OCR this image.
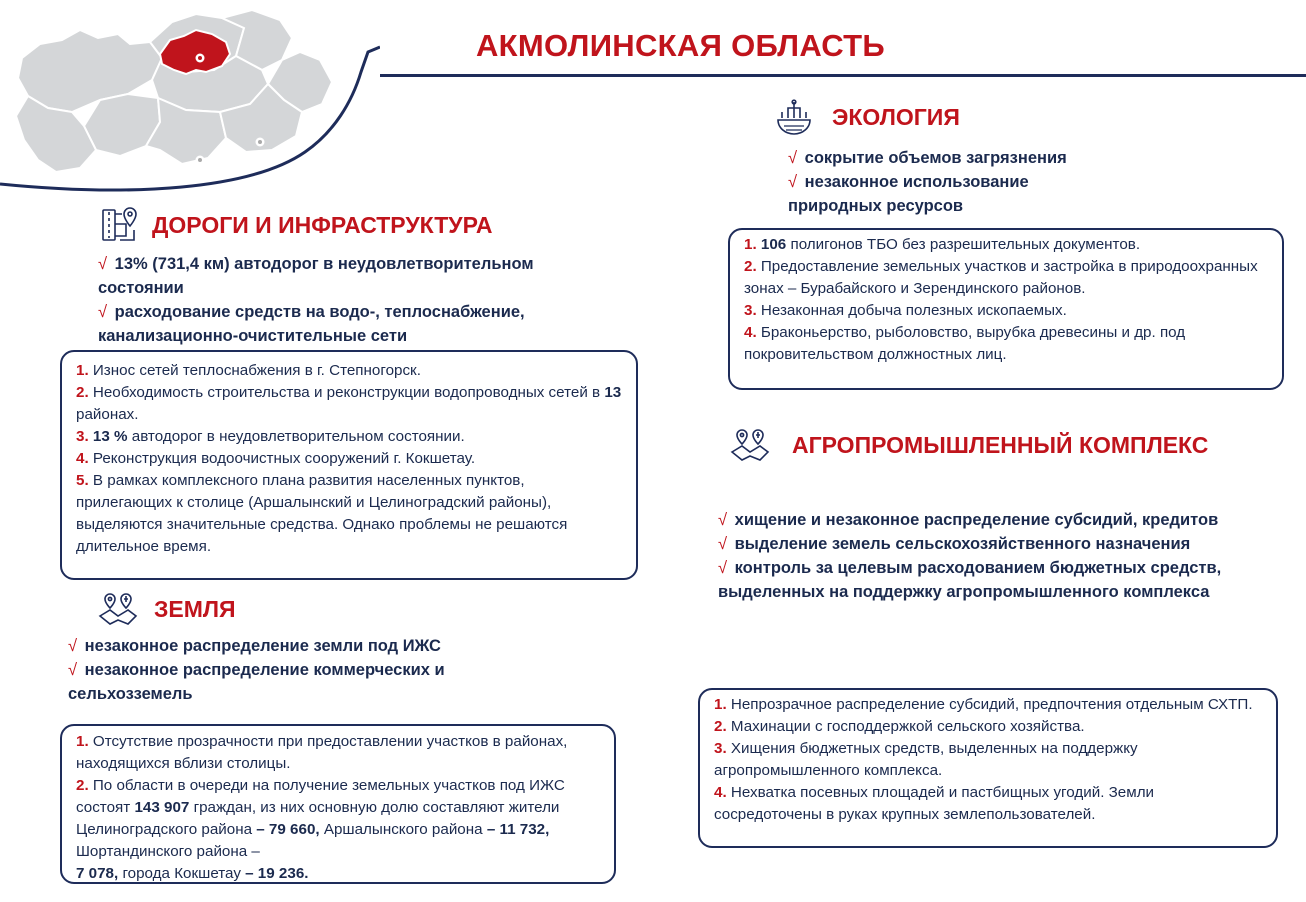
АКМОЛИНСКАЯ ОБЛАСТЬ
ДОРОГИ И ИНФРАСТРУКТУРА
√ 13% (731,4 км) автодорог в неудовлетворительном состоянии
√ расходование средств на водо-, теплоснабжение, канализационно-очистительные сети
1. Износ сетей теплоснабжения в г. Степногорск.
2. Необходимость строительства и реконструкции водопроводных сетей в 13 районах.
3. 13 % автодорог в неудовлетворительном состоянии.
4. Реконструкция водоочистных сооружений г. Кокшетау.
5. В рамках комплексного плана развития населенных пунктов, прилегающих к столице (Аршалынский и Целиноградский районы), выделяются значительные средства. Однако проблемы не решаются длительное время.
ЗЕМЛЯ
√ незаконное распределение земли под ИЖС
√ незаконное распределение коммерческих и сельхозземель
1. Отсутствие прозрачности при предоставлении участков в районах, находящихся вблизи столицы.
2. По области в очереди на получение земельных участков под ИЖС состоят 143 907 граждан, из них основную долю составляют жители Целиноградского района – 79 660, Аршалынского района – 11 732, Шортандинского района –
7 078, города Кокшетау – 19 236.
ЭКОЛОГИЯ
√ сокрытие объемов загрязнения
√ незаконное использование
природных ресурсов
1. 106 полигонов ТБО без разрешительных документов.
2. Предоставление земельных участков и застройка в природоохранных зонах – Бурабайского и Зерендинского районов.
3. Незаконная добыча полезных ископаемых.
4. Браконьерство, рыболовство, вырубка древесины и др. под покровительством должностных лиц.
АГРОПРОМЫШЛЕННЫЙ КОМПЛЕКС
√ хищение и незаконное распределение субсидий, кредитов
√ выделение земель сельскохозяйственного назначения
√ контроль за целевым расходованием бюджетных средств, выделенных на поддержку агропромышленного комплекса
1. Непрозрачное распределение субсидий, предпочтения отдельным СХТП.
2. Махинации с господдержкой сельского хозяйства.
3. Хищения бюджетных средств, выделенных на поддержку агропромышленного комплекса.
4. Нехватка посевных площадей и пастбищных угодий. Земли сосредоточены в руках крупных землепользователей.
